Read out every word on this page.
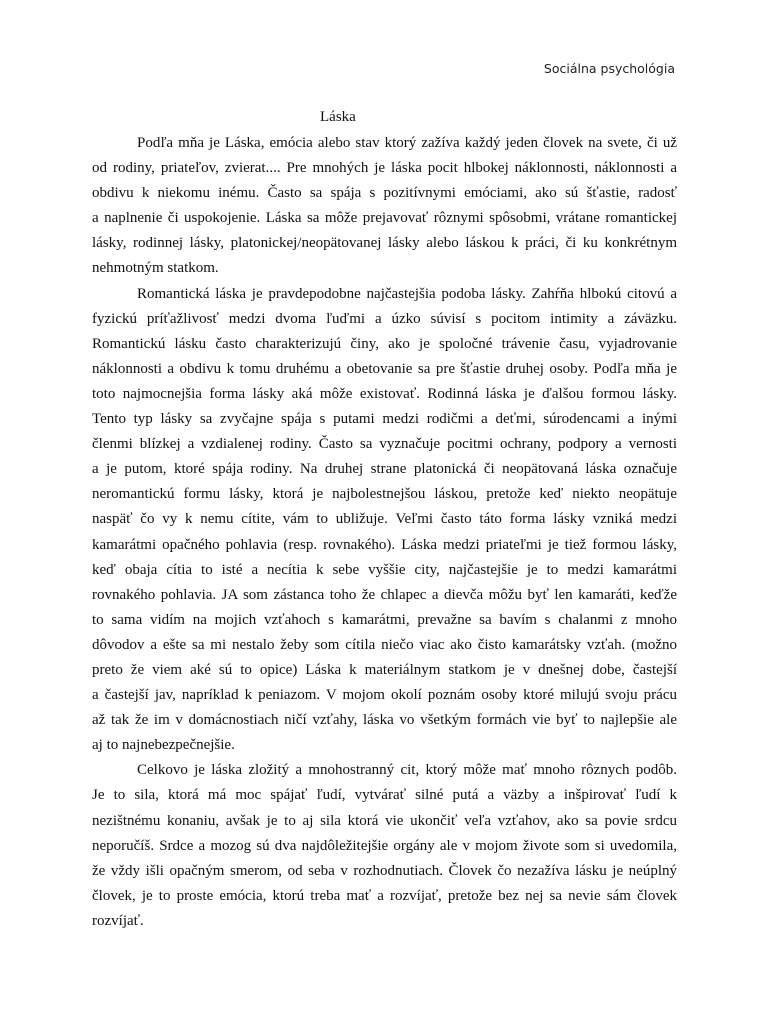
Sociálna psychológia
Láska
Podľa mňa je Láska, emócia alebo stav ktorý zažíva každý jeden človek na svete, či už
od rodiny, priateľov, zvierat.... Pre mnohých je láska pocit hlbokej náklonnosti, náklonnosti a
obdivu k niekomu inému. Často sa spája s pozitívnymi emóciami, ako sú šťastie, radosť
a naplnenie či uspokojenie. Láska sa môže prejavovať rôznymi spôsobmi, vrátane romantickej
lásky, rodinnej lásky, platonickej/neopätovanej lásky alebo láskou k práci, či ku konkrétnym
nehmotným statkom.
Romantická láska je pravdepodobne najčastejšia podoba lásky. Zahŕňa hlbokú citovú a
fyzickú príťažlivosť medzi dvoma ľuďmi a úzko súvisí s pocitom intimity a záväzku.
Romantickú lásku často charakterizujú činy, ako je spoločné trávenie času, vyjadrovanie
náklonnosti a obdivu k tomu druhému a obetovanie sa pre šťastie druhej osoby. Podľa mňa je
toto najmocnejšia forma lásky aká môže existovať. Rodinná láska je ďalšou formou lásky.
Tento typ lásky sa zvyčajne spája s putami medzi rodičmi a deťmi, súrodencami a inými
členmi blízkej a vzdialenej rodiny. Často sa vyznačuje pocitmi ochrany, podpory a vernosti
a je putom, ktoré spája rodiny. Na druhej strane platonická či neopätovaná láska označuje
neromantickú formu lásky, ktorá je najbolestnejšou láskou, pretože keď niekto neopätuje
naspäť čo vy k nemu cítite, vám to ubližuje. Veľmi často táto forma lásky vzniká medzi
kamarátmi opačného pohlavia (resp. rovnakého). Láska medzi priateľmi je tiež formou lásky,
keď obaja cítia to isté a necítia k sebe vyššie city, najčastejšie je to medzi kamarátmi
rovnakého pohlavia. JA som zástanca toho že chlapec a dievča môžu byť len kamaráti, keďže
to sama vidím na mojich vzťahoch s kamarátmi, prevažne sa bavím s chalanmi z mnoho
dôvodov a ešte sa mi nestalo žeby som cítila niečo viac ako čisto kamarátsky vzťah. (možno
preto že viem aké sú to opice) Láska k materiálnym statkom je v dnešnej dobe, častejší
a častejší jav, napríklad k peniazom. V mojom okolí poznám osoby ktoré milujú svoju prácu
až tak že im v domácnostiach ničí vzťahy, láska vo všetkým formách vie byť to najlepšie ale
aj to najnebezpečnejšie.
Celkovo je láska zložitý a mnohostranný cit, ktorý môže mať mnoho rôznych podôb.
Je to sila, ktorá má moc spájať ľudí, vytvárať silné putá a väzby a inšpirovať ľudí k
nezištnému konaniu, avšak je to aj sila ktorá vie ukončiť veľa vzťahov, ako sa povie srdcu
neporučíš. Srdce a mozog sú dva najdôležitejšie orgány ale v mojom živote som si uvedomila,
že vždy išli opačným smerom, od seba v rozhodnutiach. Človek čo nezažíva lásku je neúplný
človek, je to proste emócia, ktorú treba mať a rozvíjať, pretože bez nej sa nevie sám človek
rozvíjať.
